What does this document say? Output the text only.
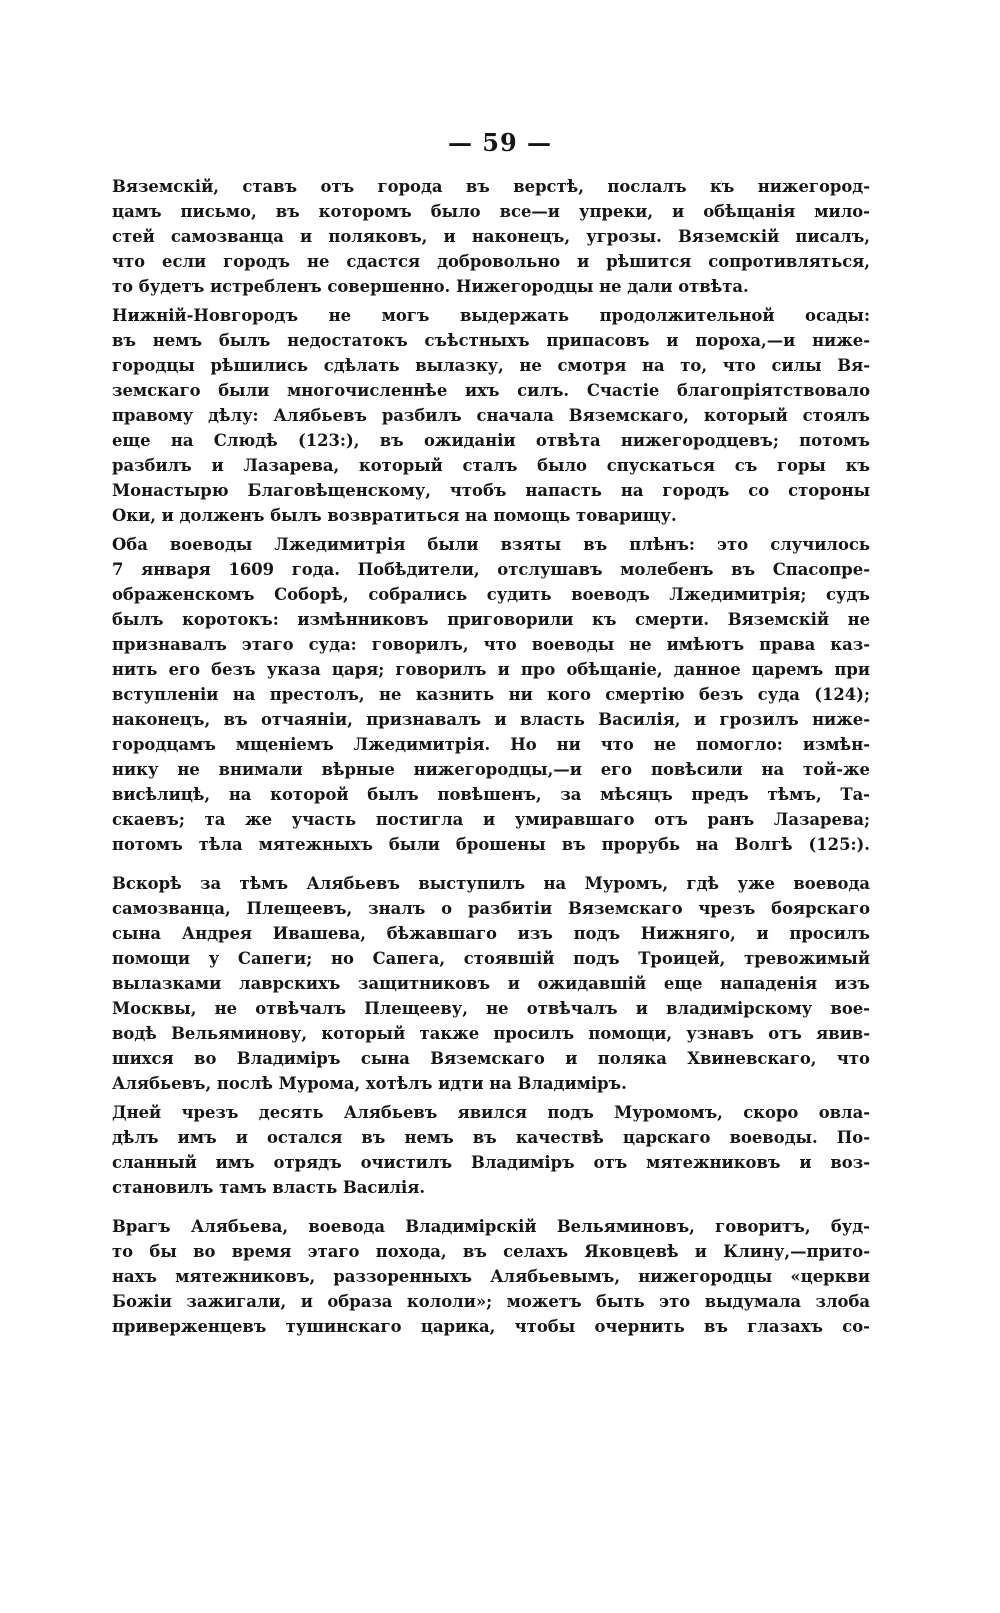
— 59 —
Вяземскій, ставъ отъ города въ верстѣ, послалъ къ нижегород-
цамъ письмо, въ которомъ было все—и упреки, и обѣщанія мило-
стей самозванца и поляковъ, и наконецъ, угрозы. Вяземскій писалъ,
что если городъ не сдастся добровольно и рѣшится сопротивляться,
то будетъ истребленъ совершенно. Нижегородцы не дали отвѣта.
Нижній-Новгородъ не могъ выдержать продолжительной осады:
въ немъ былъ недостатокъ съѣстныхъ припасовъ и пороха,—и ниже-
городцы рѣшились сдѣлать вылазку, не смотря на то, что силы Вя-
земскаго были многочисленнѣе ихъ силъ. Счастіе благопріятствовало
правому дѣлу: Алябьевъ разбилъ сначала Вяземскаго, который стоялъ
еще на Слюдѣ (123:), въ ожиданіи отвѣта нижегородцевъ; потомъ
разбилъ и Лазарева, который сталъ было спускаться съ горы къ
Монастырю Благовѣщенскому, чтобъ напасть на городъ со стороны
Оки, и долженъ былъ возвратиться на помощь товарищу.
Оба воеводы Лжедимитрія были взяты въ плѣнъ: это случилось
7 января 1609 года. Побѣдители, отслушавъ молебенъ въ Спасопре-
ображенскомъ Соборѣ, собрались судить воеводъ Лжедимитрія; судъ
былъ коротокъ: измѣнниковъ приговорили къ смерти. Вяземскій не
признавалъ этаго суда: говорилъ, что воеводы не имѣютъ права каз-
нить его безъ указа царя; говорилъ и про обѣщаніе, данное царемъ при
вступленіи на престолъ, не казнить ни кого смертію безъ суда (124);
наконецъ, въ отчаяніи, признавалъ и власть Василія, и грозилъ ниже-
городцамъ мщеніемъ Лжедимитрія. Но ни что не помогло: измѣн-
нику не внимали вѣрные нижегородцы,—и его повѣсили на той-же
висѣлицѣ, на которой былъ повѣшенъ, за мѣсяцъ предъ тѣмъ, Та-
скаевъ; та же участь постигла и умиравшаго отъ ранъ Лазарева;
потомъ тѣла мятежныхъ были брошены въ прорубь на Волгѣ (125:).
Вскорѣ за тѣмъ Алябьевъ выступилъ на Муромъ, гдѣ уже воевода
самозванца, Плещеевъ, зналъ о разбитіи Вяземскаго чрезъ боярскаго
сына Андрея Ивашева, бѣжавшаго изъ подъ Нижняго, и просилъ
помощи у Сапеги; но Сапега, стоявшій подъ Троицей, тревожимый
вылазками лаврскихъ защитниковъ и ожидавшій еще нападенія изъ
Москвы, не отвѣчалъ Плещееву, не отвѣчалъ и владимірскому вое-
водѣ Вельяминову, который также просилъ помощи, узнавъ отъ явив-
шихся во Владиміръ сына Вяземскаго и поляка Хвиневскаго, что
Алябьевъ, послѣ Мурома, хотѣлъ идти на Владиміръ.
Дней чрезъ десять Алябьевъ явился подъ Муромомъ, скоро овла-
дѣлъ имъ и остался въ немъ въ качествѣ царскаго воеводы. По-
сланный имъ отрядъ очистилъ Владиміръ отъ мятежниковъ и воз-
становилъ тамъ власть Василія.
Врагъ Алябьева, воевода Владимірскій Вельяминовъ, говоритъ, буд-
то бы во время этаго похода, въ селахъ Яковцевѣ и Клину,—прито-
нахъ мятежниковъ, раззоренныхъ Алябьевымъ, нижегородцы «церкви
Божіи зажигали, и образа кололи»; можетъ быть это выдумала злоба
приверженцевъ тушинскаго царика, чтобы очернить въ глазахъ со-
